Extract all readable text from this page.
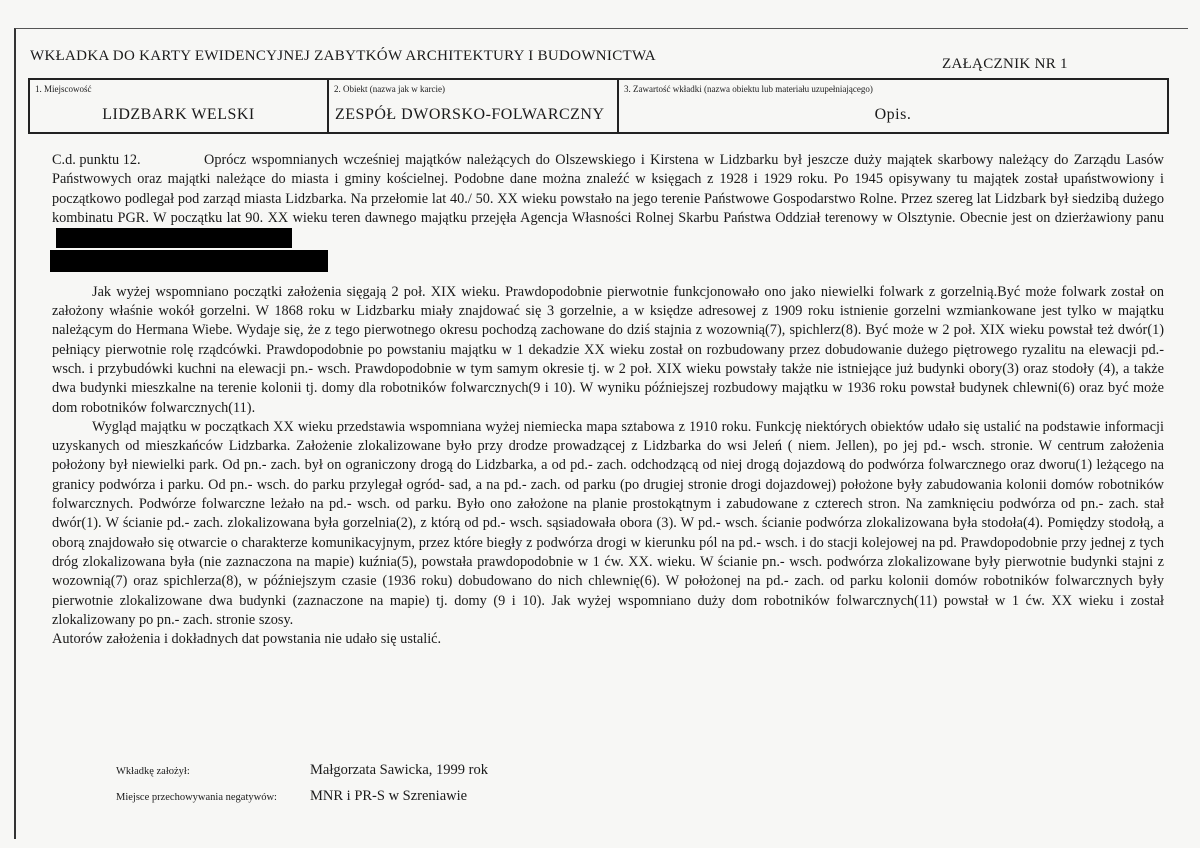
WKŁADKA DO KARTY EWIDENCYJNEJ ZABYTKÓW ARCHITEKTURY I BUDOWNICTWA	ZAŁĄCZNIK NR 1
1. Miejscowość
LIDZBARK WELSKI
2. Obiekt (nazwa jak w karcie)
ZESPÓŁ DWORSKO-FOLWARCZNY
3. Zawartość wkładki (nazwa obiektu lub materiału uzupełniającego)
Opis.

C.d. punktu 12.	Oprócz wspomnianych wcześniej majątków należących do Olszewskiego i Kirstena w Lidzbarku był jeszcze duży majątek skarbowy należący do Zarządu Lasów Państwowych oraz majątki należące do miasta i gminy kościelnej. Podobne dane można znaleźć w księgach z 1928 i 1929 roku. Po 1945 opisywany tu majątek został upaństwowiony i początkowo podlegał pod zarząd miasta Lidzbarka. Na przełomie lat 40./ 50. XX wieku powstało na jego terenie Państwowe Gospodarstwo Rolne. Przez szereg lat Lidzbark był siedzibą dużego kombinatu PGR. W początku lat 90. XX wieku teren dawnego majątku przejęła Agencja Własności Rolnej Skarbu Państwa Oddział terenowy w Olsztynie. Obecnie jest on dzierżawiony panu

Jak wyżej wspomniano początki założenia sięgają 2 poł. XIX wieku. Prawdopodobnie pierwotnie funkcjonowało ono jako niewielki folwark z gorzelnią.Być może folwark został on założony właśnie wokół gorzelni. W 1868 roku w Lidzbarku miały znajdować się 3 gorzelnie, a w księdze adresowej z 1909 roku istnienie gorzelni wzmiankowane jest tylko w majątku należącym do Hermana Wiebe. Wydaje się, że z tego pierwotnego okresu pochodzą zachowane do dziś stajnia z wozownią(7), spichlerz(8). Być może w 2 poł. XIX wieku powstał też dwór(1) pełniący pierwotnie rolę rządcówki. Prawdopodobnie po powstaniu majątku w 1 dekadzie XX wieku został on rozbudowany przez dobudowanie dużego piętrowego ryzalitu na elewacji pd.- wsch. i przybudówki kuchni na elewacji pn.- wsch. Prawdopodobnie w tym samym okresie tj. w 2 poł. XIX wieku powstały także nie istniejące już budynki obory(3) oraz stodoły (4), a także dwa budynki mieszkalne na terenie kolonii tj. domy dla robotników folwarcznych(9 i 10). W wyniku późniejszej rozbudowy majątku w 1936 roku powstał budynek chlewni(6) oraz być może dom robotników folwarcznych(11).

Wygląd majątku w początkach XX wieku przedstawia wspomniana wyżej niemiecka mapa sztabowa z 1910 roku. Funkcję niektórych obiektów udało się ustalić na podstawie informacji uzyskanych od mieszkańców Lidzbarka. Założenie zlokalizowane było przy drodze prowadzącej z Lidzbarka do wsi Jeleń ( niem. Jellen), po jej pd.- wsch. stronie. W centrum założenia położony był niewielki park. Od pn.- zach. był on ograniczony drogą do Lidzbarka, a od pd.- zach. odchodzącą od niej drogą dojazdową do podwórza folwarcznego oraz dworu(1) leżącego na granicy podwórza i parku. Od pn.- wsch. do parku przylegał ogród- sad, a na pd.- zach. od parku (po drugiej stronie drogi dojazdowej) położone były zabudowania kolonii domów robotników folwarcznych. Podwórze folwarczne leżało na pd.- wsch. od parku. Było ono założone na planie prostokątnym i zabudowane z czterech stron. Na zamknięciu podwórza od pn.- zach. stał dwór(1). W ścianie pd.- zach. zlokalizowana była gorzelnia(2), z którą od pd.- wsch. sąsiadowała obora (3). W pd.- wsch. ścianie podwórza zlokalizowana była stodoła(4). Pomiędzy stodołą, a oborą znajdowało się otwarcie o charakterze komunikacyjnym, przez które biegły z podwórza drogi w kierunku pól na pd.- wsch. i do stacji kolejowej na pd. Prawdopodobnie przy jednej z tych dróg zlokalizowana była (nie zaznaczona na mapie) kuźnia(5), powstała prawdopodobnie w 1 ćw. XX. wieku. W ścianie pn.- wsch. podwórza zlokalizowane były pierwotnie budynki stajni z wozownią(7) oraz spichlerza(8), w późniejszym czasie (1936 roku) dobudowano do nich chlewnię(6). W położonej na pd.- zach. od parku kolonii domów robotników folwarcznych były pierwotnie zlokalizowane dwa budynki (zaznaczone na mapie) tj. domy (9 i 10). Jak wyżej wspomniano duży dom robotników folwarcznych(11) powstał w 1 ćw. XX wieku i został zlokalizowany po pn.- zach. stronie szosy.

Autorów założenia i dokładnych dat powstania nie udało się ustalić.

Wkładkę założył:	Małgorzata Sawicka, 1999 rok
Miejsce przechowywania negatywów: MNR i PR-S w Szreniawie
